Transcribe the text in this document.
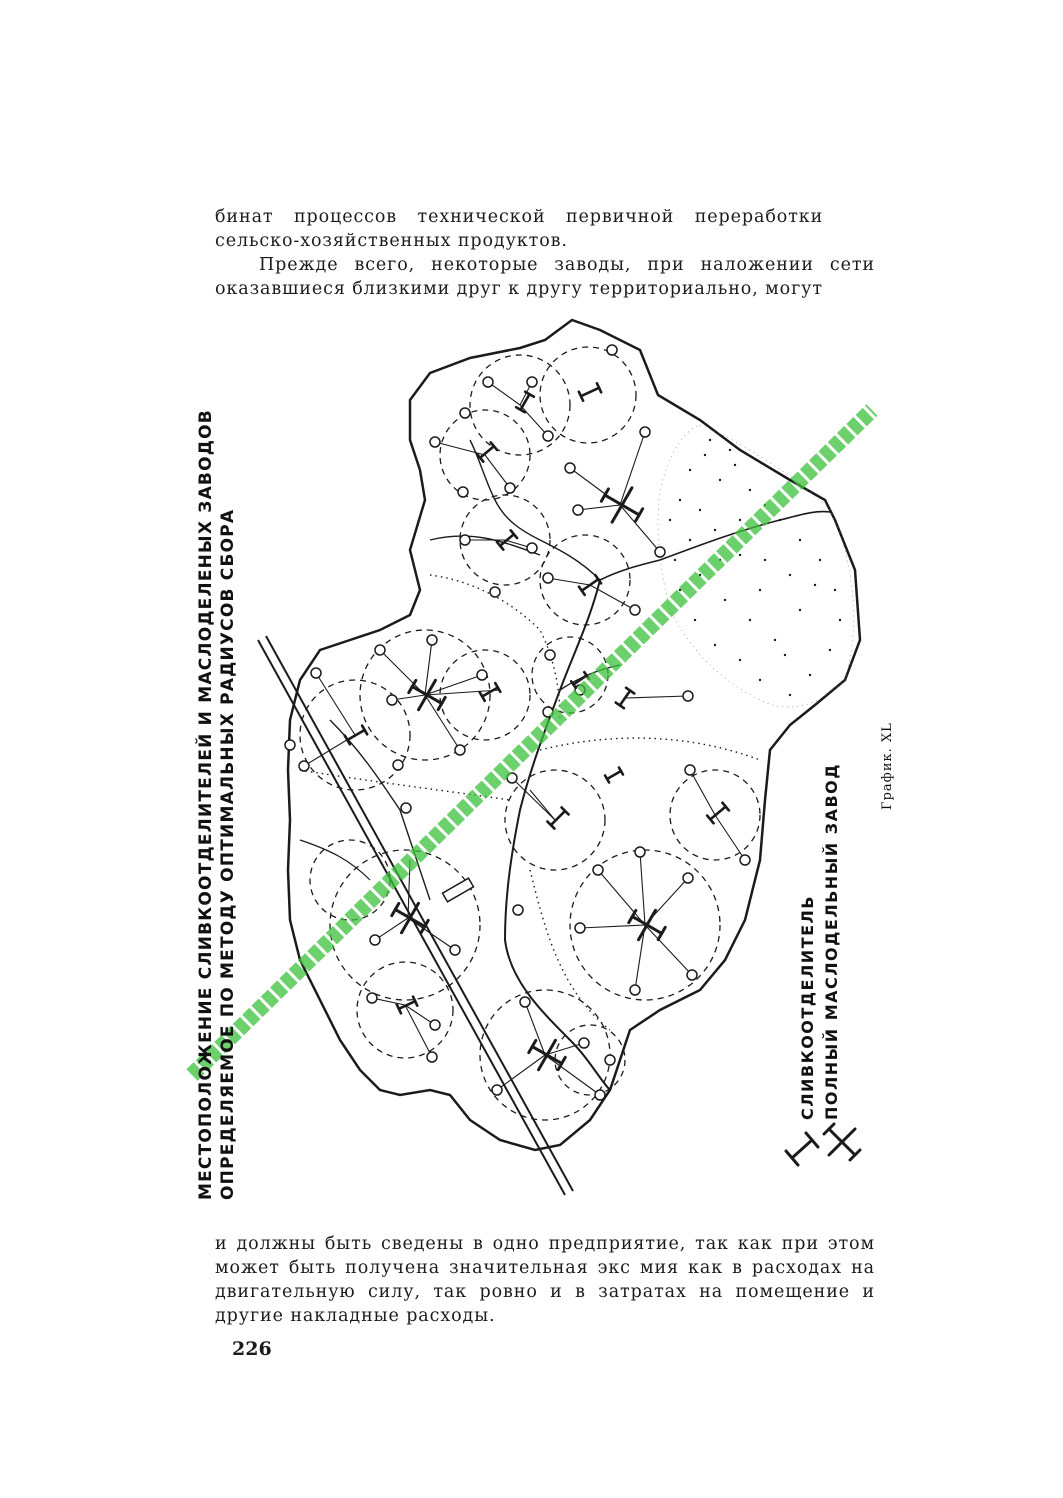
бинат процессов технической первичной переработки

сельско-хозяйственных продуктов.

Прежде всего, некоторые заводы, при наложении сети оказавшиеся близкими друг к другу территориально, могут

МЕСТОПОЛОЖЕНИЕ СЛИВКООТДЕЛИТЕЛЕЙ И МАСЛОДЕЛЕНЫХ ЗАВОДОВ ОПРЕДЕЛЯЕМОЕ ПО МЕТОДУ ОПТИМАЛЬНЫХ РАДИУСОВ СБОРА	СЛИВКООТДЕЛИТЕЛЬ ПОЛНЫЙ МАСЛОДЕЛЬНЫЙ ЗАВОД	График. XL

и должны быть сведены в одно предприятие, так как при этом может быть получена значительная экс мия как в расходах на двигательную силу, так ровно и в затратах на помещение и другие накладные расходы.

226
